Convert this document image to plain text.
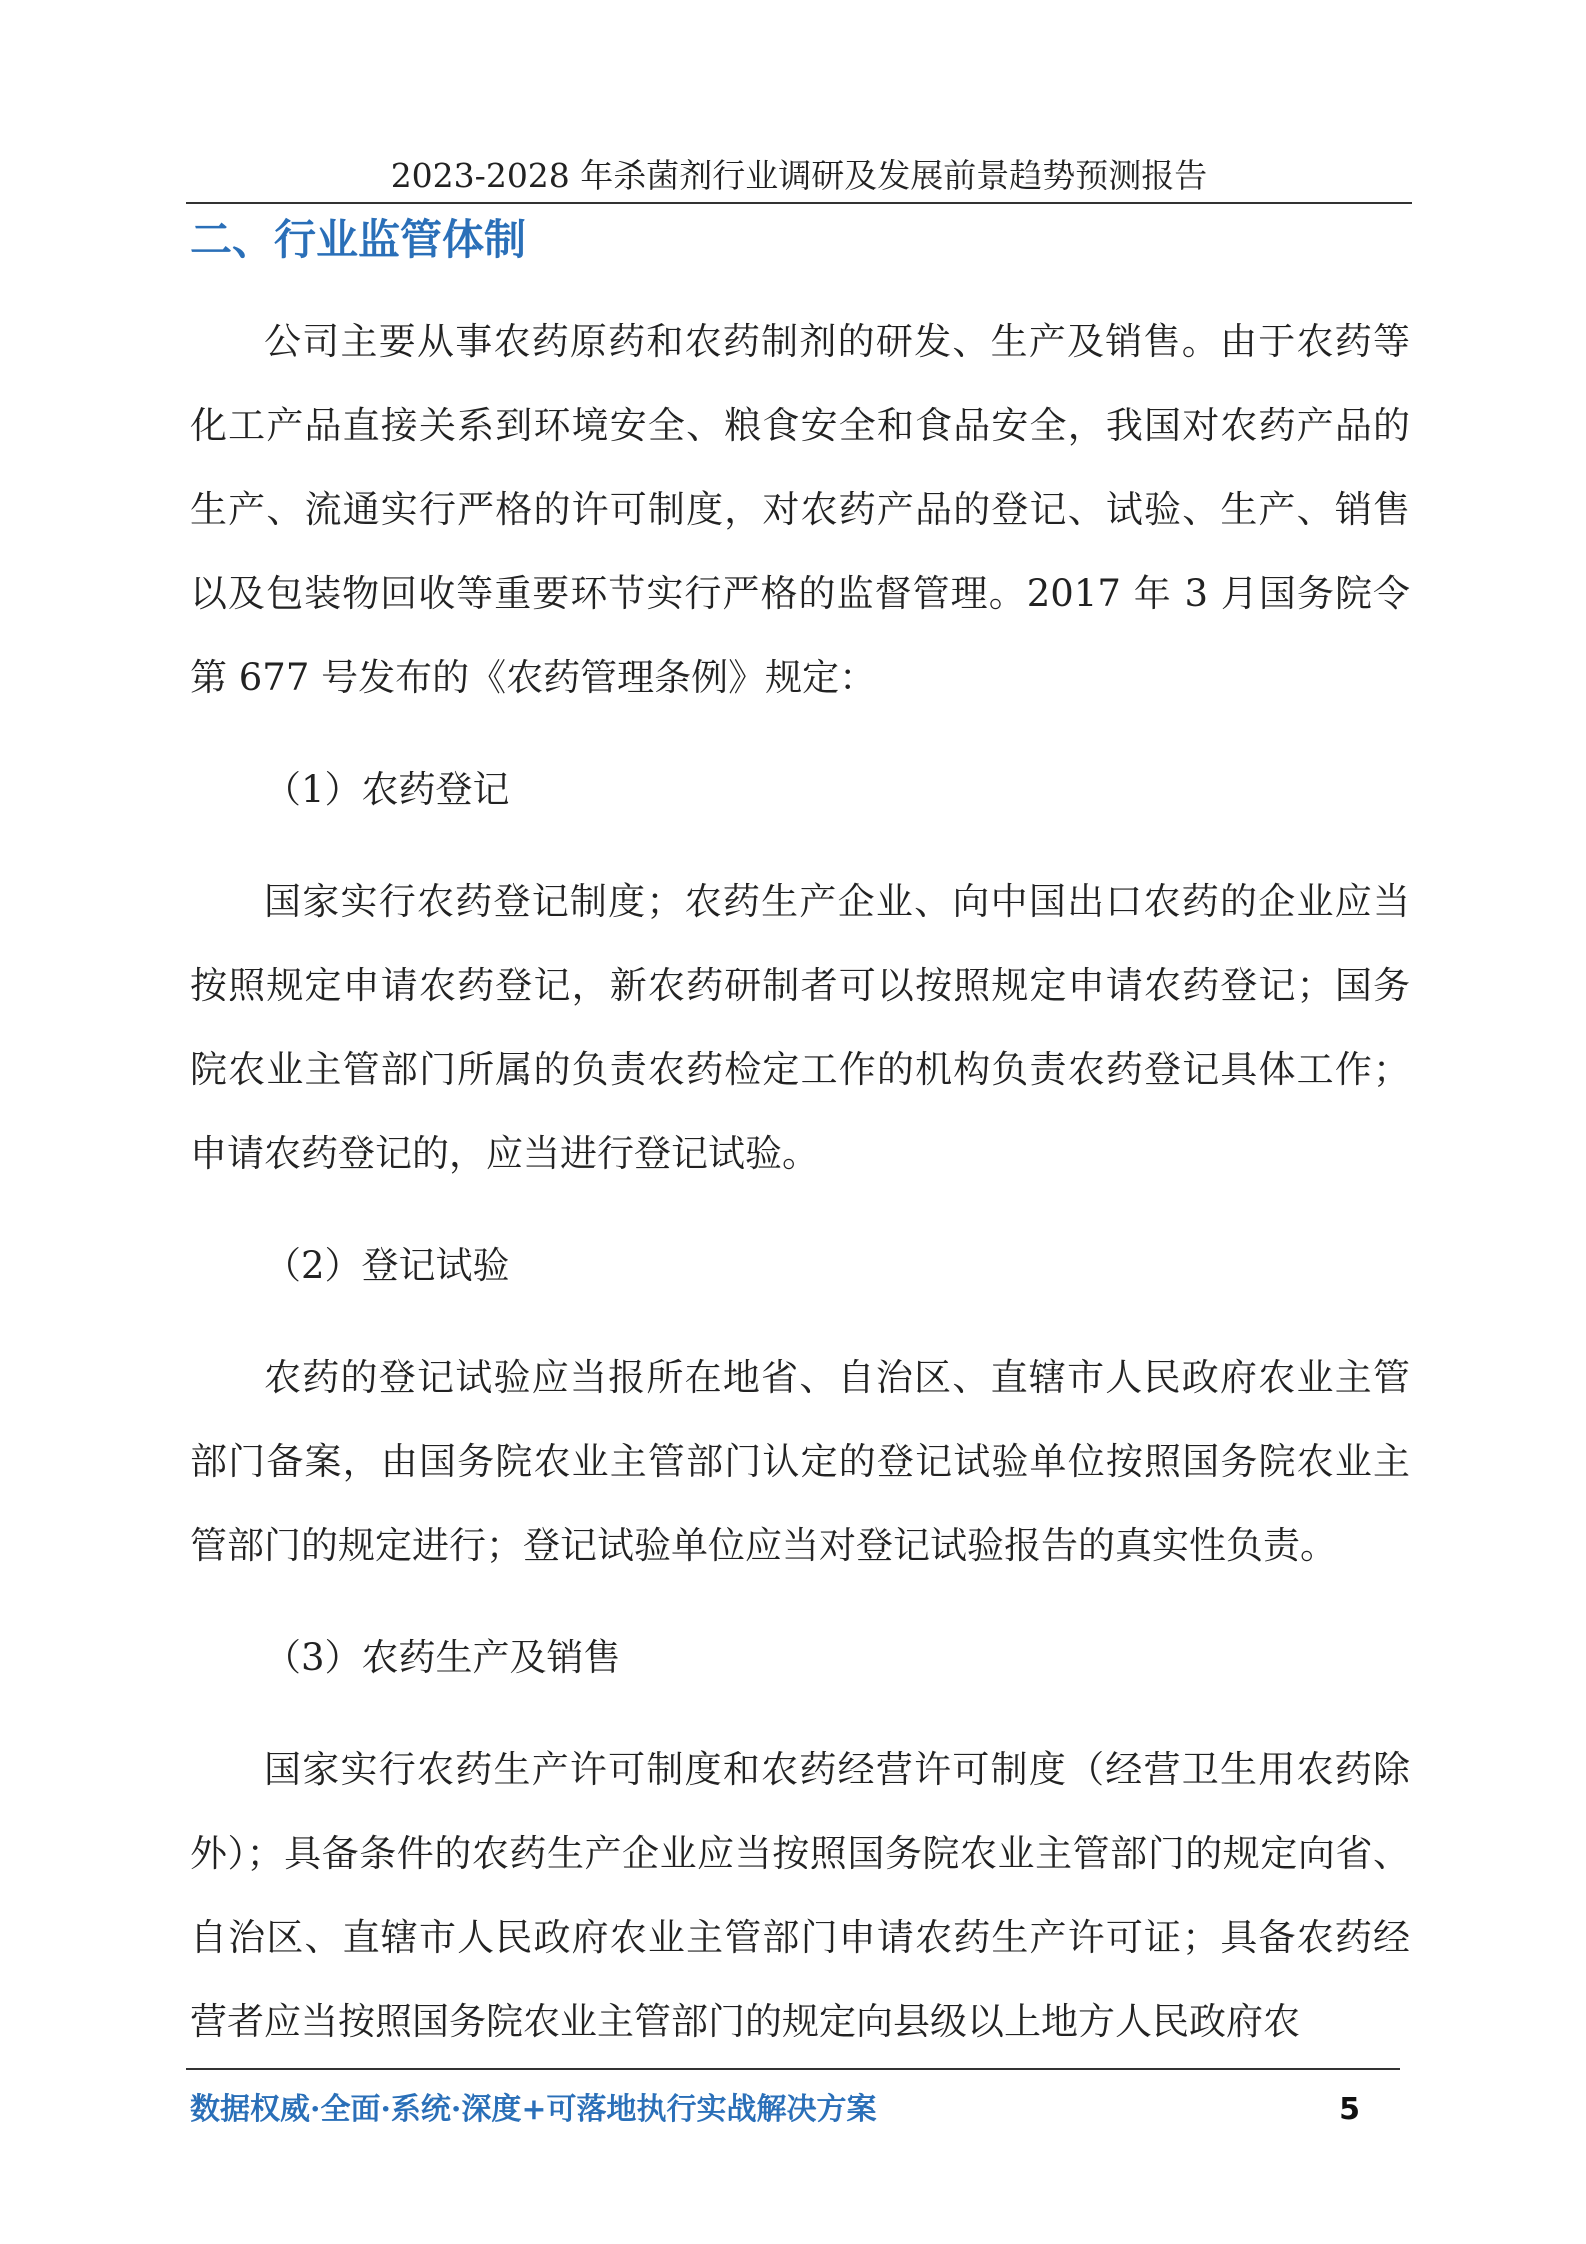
2023-2028 年杀菌剂行业调研及发展前景趋势预测报告
二、行业监管体制

公司主要从事农药原药和农药制剂的研发、生产及销售。由于农药等化工产品直接关系到环境安全、粮食安全和食品安全，我国对农药产品的生产、流通实行严格的许可制度，对农药产品的登记、试验、生产、销售以及包装物回收等重要环节实行严格的监督管理。2017 年 3 月国务院令第 677 号发布的《农药管理条例》规定：

（1）农药登记

国家实行农药登记制度；农药生产企业、向中国出口农药的企业应当按照规定申请农药登记，新农药研制者可以按照规定申请农药登记；国务院农业主管部门所属的负责农药检定工作的机构负责农药登记具体工作；申请农药登记的，应当进行登记试验。

（2）登记试验

农药的登记试验应当报所在地省、自治区、直辖市人民政府农业主管部门备案，由国务院农业主管部门认定的登记试验单位按照国务院农业主管部门的规定进行；登记试验单位应当对登记试验报告的真实性负责。

（3）农药生产及销售

国家实行农药生产许可制度和农药经营许可制度（经营卫生用农药除外）；具备条件的农药生产企业应当按照国务院农业主管部门的规定向省、自治区、直辖市人民政府农业主管部门申请农药生产许可证；具备农药经营者应当按照国务院农业主管部门的规定向县级以上地方人民政府农

数据权威·全面·系统·深度+可落地执行实战解决方案	5
